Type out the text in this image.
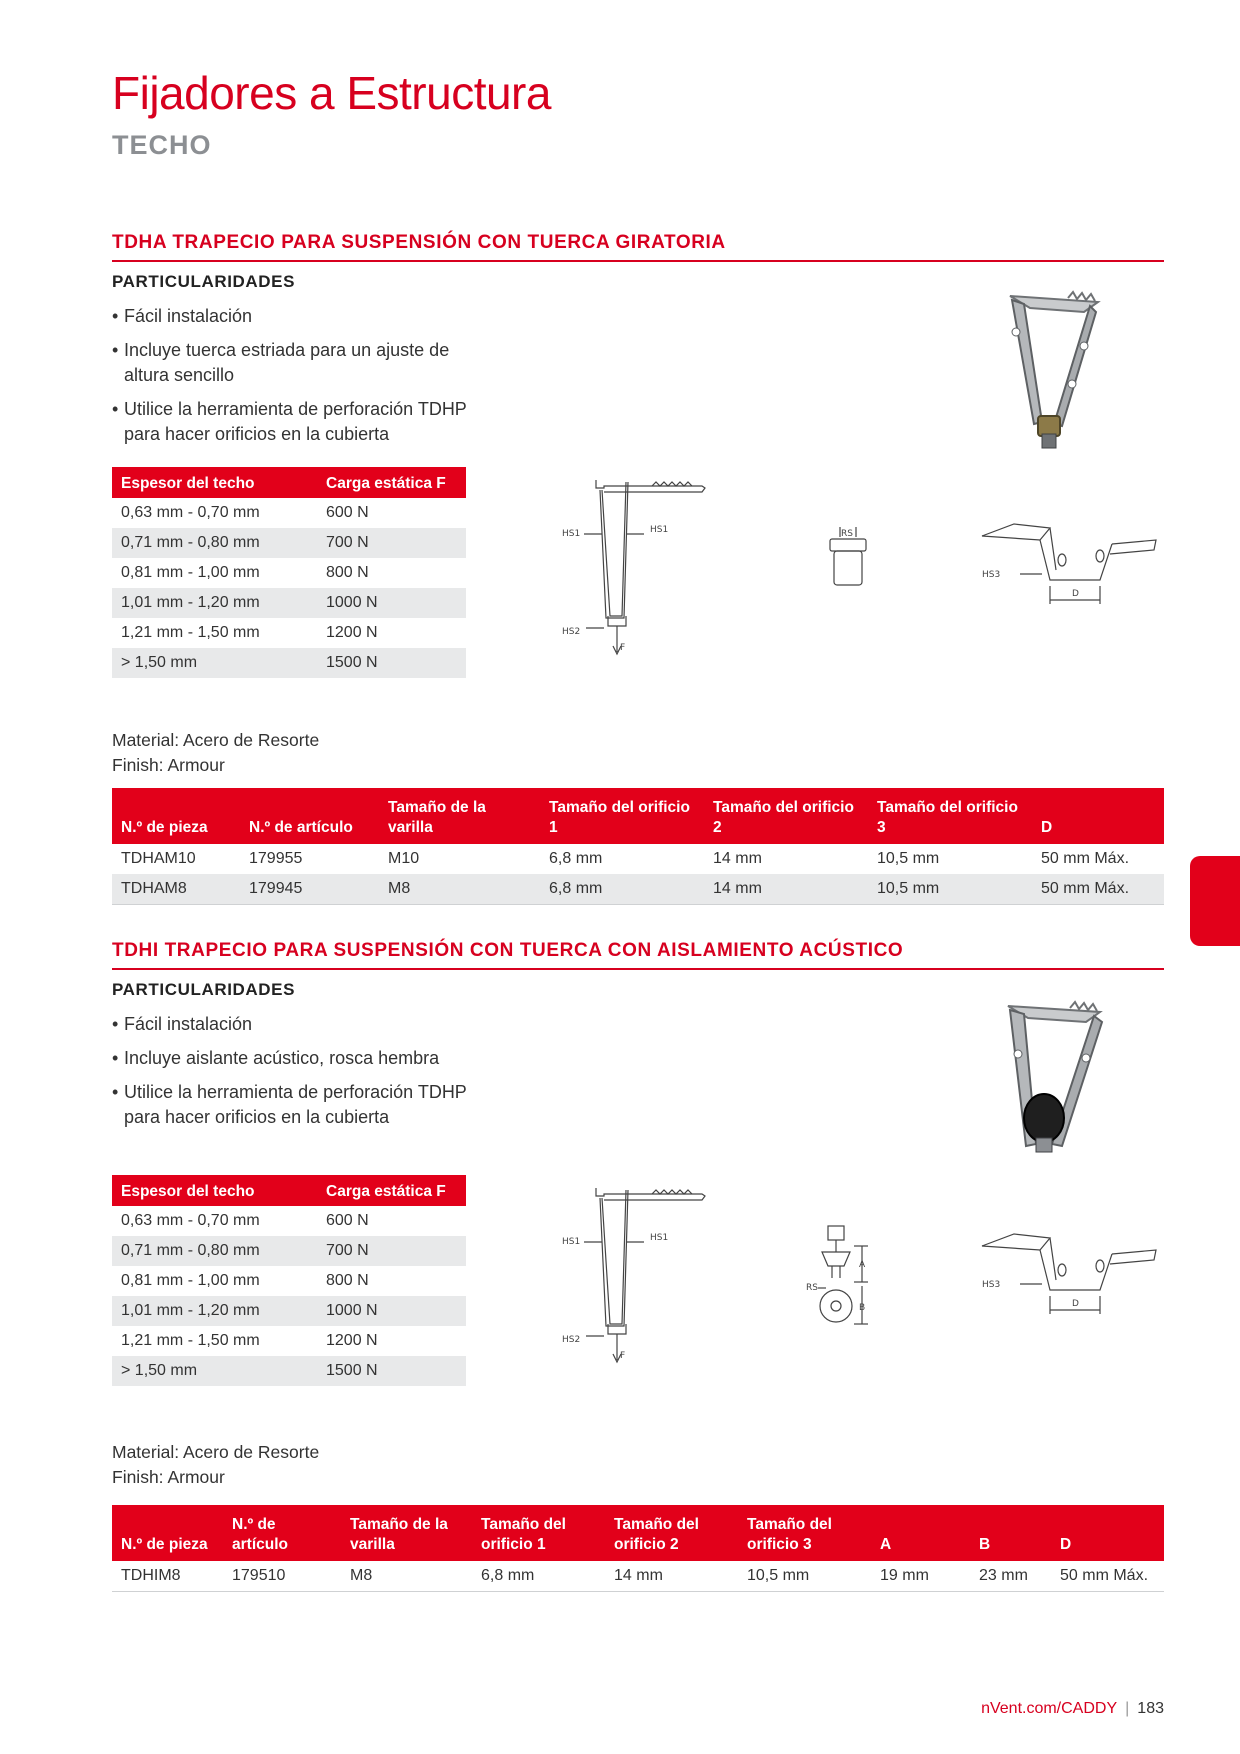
Fijadores a Estructura
TECHO
TDHA TRAPECIO PARA SUSPENSIÓN CON TUERCA GIRATORIA
PARTICULARIDADES
• Fácil instalación
• Incluye tuerca estriada para un ajuste de altura sencillo
• Utilice la herramienta de perforación TDHP para hacer orificios en la cubierta
Espesor del techo	Carga estática F
0,63 mm - 0,70 mm	600 N
0,71 mm - 0,80 mm	700 N
0,81 mm - 1,00 mm	800 N
1,01 mm - 1,20 mm	1000 N
1,21 mm - 1,50 mm	1200 N
> 1,50 mm	1500 N
HS1	HS1
HS2
F
RS
HS3
D
Material: Acero de Resorte
Finish: Armour
N.º de pieza	N.º de artículo	Tamaño de la varilla	Tamaño del orificio 1	Tamaño del orificio 2	Tamaño del orificio 3	D
TDHAM10	179955	M10	6,8 mm	14 mm	10,5 mm	50 mm Máx.
TDHAM8	179945	M8	6,8 mm	14 mm	10,5 mm	50 mm Máx.
TDHI TRAPECIO PARA SUSPENSIÓN CON TUERCA CON AISLAMIENTO ACÚSTICO
PARTICULARIDADES
• Fácil instalación
• Incluye aislante acústico, rosca hembra
• Utilice la herramienta de perforación TDHP para hacer orificios en la cubierta
Espesor del techo	Carga estática F
0,63 mm - 0,70 mm	600 N
0,71 mm - 0,80 mm	700 N
0,81 mm - 1,00 mm	800 N
1,01 mm - 1,20 mm	1000 N
1,21 mm - 1,50 mm	1200 N
> 1,50 mm	1500 N
HS1	HS1
HS2
F
A
RS
B
HS3
D
Material: Acero de Resorte
Finish: Armour
N.º de pieza	N.º de artículo	Tamaño de la varilla	Tamaño del orificio 1	Tamaño del orificio 2	Tamaño del orificio 3	A	B	D
TDHIM8	179510	M8	6,8 mm	14 mm	10,5 mm	19 mm	23 mm	50 mm Máx.
nVent.com/CADDY | 183
